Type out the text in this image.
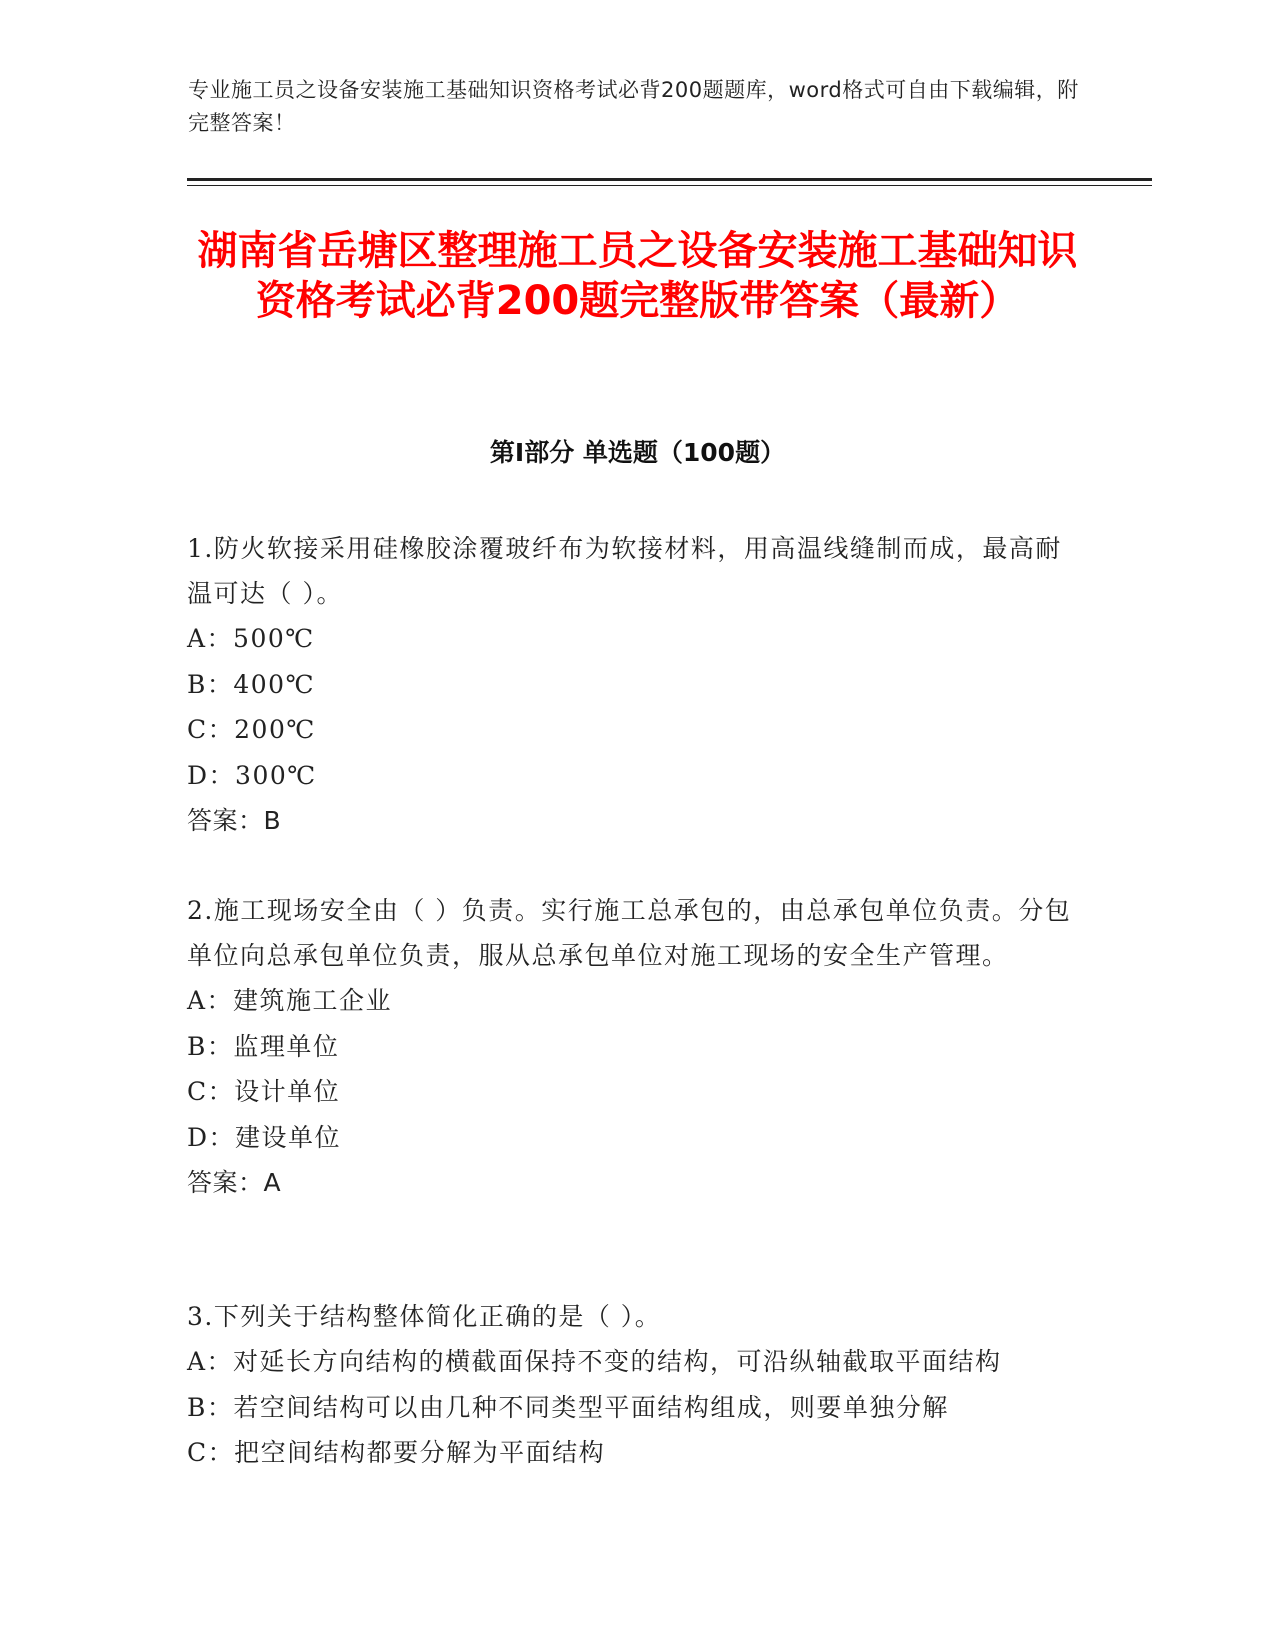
专业施工员之设备安装施工基础知识资格考试必背200题题库，word格式可自由下载编辑，附完整答案！
湖南省岳塘区整理施工员之设备安装施工基础知识资格考试必背200题完整版带答案（最新）
第I部分 单选题（100题）
1.防火软接采用硅橡胶涂覆玻纤布为软接材料，用高温线缝制而成，最高耐温可达（ ）。
A：500℃
B：400℃
C：200℃
D：300℃
答案：B
2.施工现场安全由（ ）负责。实行施工总承包的，由总承包单位负责。分包单位向总承包单位负责，服从总承包单位对施工现场的安全生产管理。
A：建筑施工企业
B：监理单位
C：设计单位
D：建设单位
答案：A
3.下列关于结构整体简化正确的是（ ）。
A：对延长方向结构的横截面保持不变的结构，可沿纵轴截取平面结构
B：若空间结构可以由几种不同类型平面结构组成，则要单独分解
C：把空间结构都要分解为平面结构
